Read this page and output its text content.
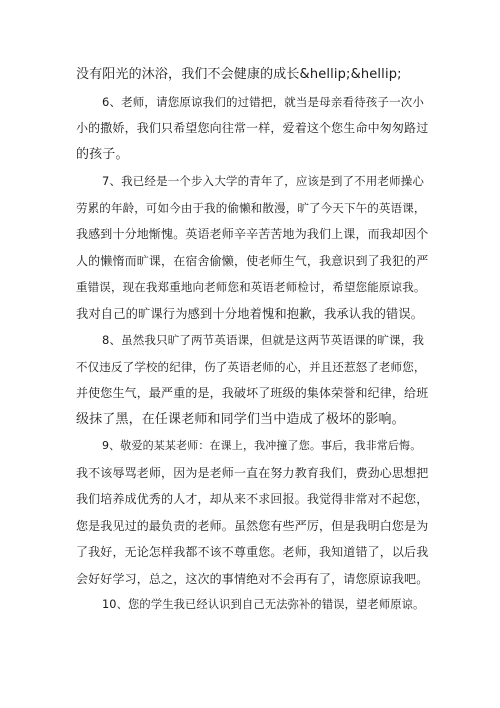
没有阳光的沐浴，我们不会健康的成长&hellip;&hellip;
6、老师，请您原谅我们的过错把，就当是母亲看待孩子一次小
小的撒娇，我们只希望您向往常一样，爱着这个您生命中匆匆路过
的孩子。
7、我已经是一个步入大学的青年了，应该是到了不用老师操心
劳累的年龄，可如今由于我的偷懒和散漫，旷了今天下午的英语课，
我感到十分地惭愧。英语老师辛辛苦苦地为我们上课，而我却因个
人的懒惰而旷课，在宿舍偷懒，使老师生气，我意识到了我犯的严
重错误，现在我郑重地向老师您和英语老师检讨，希望您能原谅我。
我对自己的旷课行为感到十分地着愧和抱歉，我承认我的错误。
8、虽然我只旷了两节英语课，但就是这两节英语课的旷课，我
不仅违反了学校的纪律，伤了英语老师的心，并且还惹怒了老师您，
并使您生气，最严重的是，我破坏了班级的集体荣誉和纪律，给班
级抹了黑，在任课老师和同学们当中造成了极坏的影响。
9、敬爱的某某老师：在课上，我冲撞了您。事后，我非常后悔。
我不该辱骂老师，因为是老师一直在努力教育我们，费劲心思想把
我们培养成优秀的人才，却从来不求回报。我觉得非常对不起您，
您是我见过的最负责的老师。虽然您有些严厉，但是我明白您是为
了我好，无论怎样我都不该不尊重您。老师，我知道错了，以后我
会好好学习，总之，这次的事情绝对不会再有了，请您原谅我吧。
10、您的学生我已经认识到自己无法弥补的错误，望老师原谅。
